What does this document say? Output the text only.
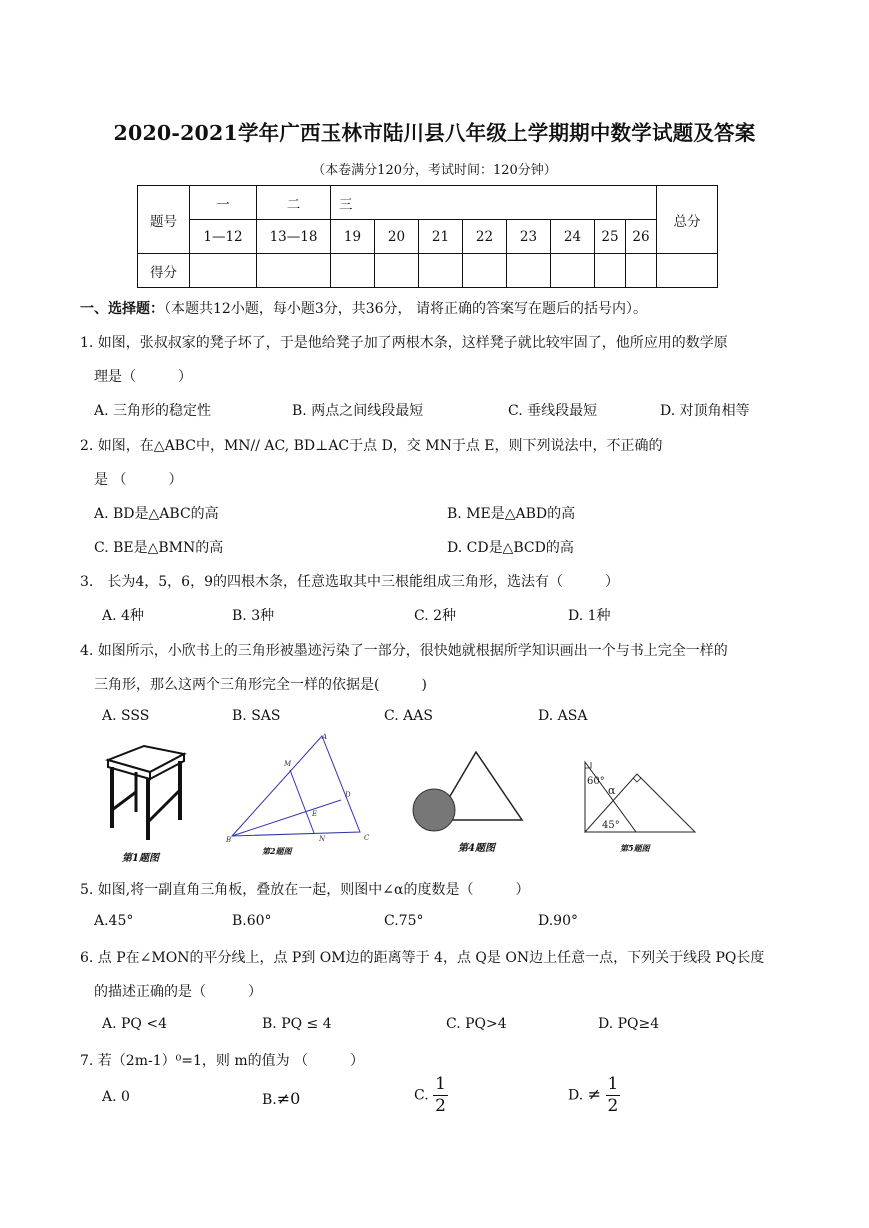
2020-2021学年广西玉林市陆川县八年级上学期期中数学试题及答案
（本卷满分120分，考试时间：120分钟）
题号	一	二	三								总分
	1—12	13—18	19	20	21	22	23	24	25	26	
得分											
一、选择题：（本题共12小题，每小题3分，共36分， 请将正确的答案写在题后的括号内）。
1. 如图，张叔叔家的凳子坏了，于是他给凳子加了两根木条，这样凳子就比较牢固了，他所应用的数学原
理是（　　　）
A. 三角形的稳定性	B. 两点之间线段最短	C. 垂线段最短	D. 对顶角相等
2. 如图，在△ABC中，MN// AC, BD⊥AC于点 D，交 MN于点 E，则下列说法中，不正确的
是 （　　　）
A. BD是△ABC的高	B. ME是△ABD的高
C. BE是△BMN的高	D. CD是△BCD的高
3.　长为4，5，6，9的四根木条，任意选取其中三根能组成三角形，选法有（　　　）
A. 4种	B. 3种	C. 2种	D. 1种
4. 如图所示，小欣书上的三角形被墨迹污染了一部分，很快她就根据所学知识画出一个与书上完全一样的
三角形，那么这两个三角形完全一样的依据是(　　　)
A. SSS	B. SAS	C. AAS	D. ASA
第1题图
A
B	C
D
E
M
N
第2题图	第4题图
60°
45°
α
第5题图
5. 如图,将一副直角三角板，叠放在一起，则图中∠α的度数是（　　　）
A.45°	B.60°	C.75°	D.90°
6. 点 P在∠MON的平分线上，点 P到 OM边的距离等于 4，点 Q是 ON边上任意一点，下列关于线段 PQ长度
的描述正确的是（　　　）
A. PQ <4	B. PQ ≤ 4	C. PQ>4	D. PQ≥4
7. 若（2m-1）⁰=1，则 m的值为 （　　　）
A. 0	B.≠0	C. $\frac{1}{2}$	D. ≠ $\frac{1}{2}$
